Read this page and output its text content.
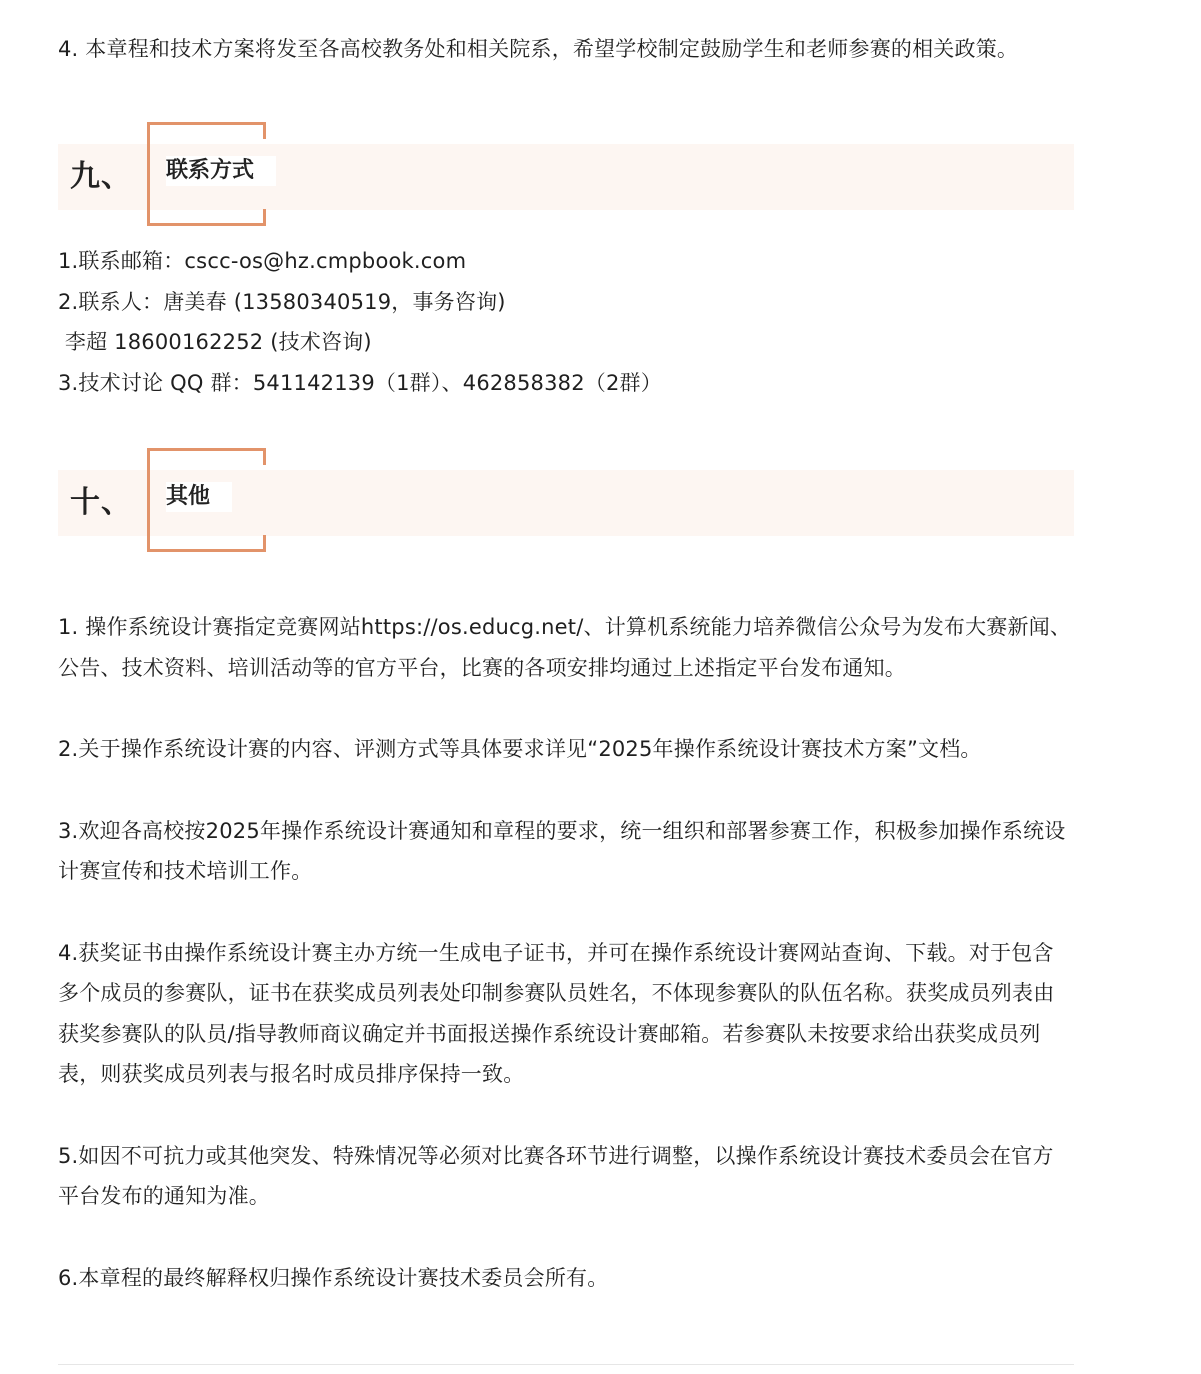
4. 本章程和技术方案将发至各高校教务处和相关院系，希望学校制定鼓励学生和老师参赛的相关政策。

九、 联系方式

1.联系邮箱：cscc-os@hz.cmpbook.com

2.联系人：唐美春 (13580340519，事务咨询)

李超 18600162252 (技术咨询)

3.技术讨论 QQ 群：541142139（1群）、462858382（2群）

十、 其他

1. 操作系统设计赛指定竞赛网站https://os.educg.net/、计算机系统能力培养微信公众号为发布大赛新闻、公告、技术资料、培训活动等的官方平台，比赛的各项安排均通过上述指定平台发布通知。

2.关于操作系统设计赛的内容、评测方式等具体要求详见“2025年操作系统设计赛技术方案”文档。

3.欢迎各高校按2025年操作系统设计赛通知和章程的要求，统一组织和部署参赛工作，积极参加操作系统设计赛宣传和技术培训工作。

4.获奖证书由操作系统设计赛主办方统一生成电子证书，并可在操作系统设计赛网站查询、下载。对于包含多个成员的参赛队，证书在获奖成员列表处印制参赛队员姓名，不体现参赛队的队伍名称。获奖成员列表由获奖参赛队的队员/指导教师商议确定并书面报送操作系统设计赛邮箱。若参赛队未按要求给出获奖成员列表，则获奖成员列表与报名时成员排序保持一致。

5.如因不可抗力或其他突发、特殊情况等必须对比赛各环节进行调整，以操作系统设计赛技术委员会在官方平台发布的通知为准。

6.本章程的最终解释权归操作系统设计赛技术委员会所有。
